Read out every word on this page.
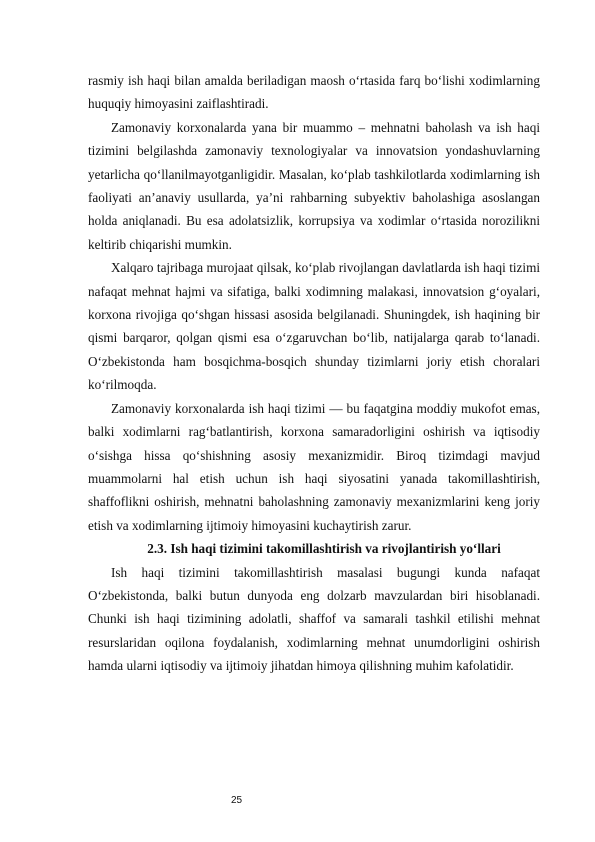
rasmiy ish haqi bilan amalda beriladigan maosh o‘rtasida farq bo‘lishi xodimlarning huquqiy himoyasini zaiflashtiradi.

Zamonaviy korxonalarda yana bir muammo – mehnatni baholash va ish haqi tizimini belgilashda zamonaviy texnologiyalar va innovatsion yondashuvlarning yetarlicha qo‘llanilmayotganligidir. Masalan, ko‘plab tashkilotlarda xodimlarning ish faoliyati an’anaviy usullarda, ya’ni rahbarning subyektiv baholashiga asoslangan holda aniqlanadi. Bu esa adolatsizlik, korrupsiya va xodimlar o‘rtasida norozilikni keltirib chiqarishi mumkin.

Xalqaro tajribaga murojaat qilsak, ko‘plab rivojlangan davlatlarda ish haqi tizimi nafaqat mehnat hajmi va sifatiga, balki xodimning malakasi, innovatsion g‘oyalari, korxona rivojiga qo‘shgan hissasi asosida belgilanadi. Shuningdek, ish haqining bir qismi barqaror, qolgan qismi esa o‘zgaruvchan bo‘lib, natijalarga qarab to‘lanadi. O‘zbekistonda ham bosqichma-bosqich shunday tizimlarni joriy etish choralari ko‘rilmoqda.

Zamonaviy korxonalarda ish haqi tizimi — bu faqatgina moddiy mukofot emas, balki xodimlarni rag‘batlantirish, korxona samaradorligini oshirish va iqtisodiy o‘sishga hissa qo‘shishning asosiy mexanizmidir. Biroq tizimdagi mavjud muammolarni hal etish uchun ish haqi siyosatini yanada takomillashtirish, shaffoflikni oshirish, mehnatni baholashning zamonaviy mexanizmlarini keng joriy etish va xodimlarning ijtimoiy himoyasini kuchaytirish zarur.

2.3. Ish haqi tizimini takomillashtirish va rivojlantirish yo‘llari

Ish haqi tizimini takomillashtirish masalasi bugungi kunda nafaqat O‘zbekistonda, balki butun dunyoda eng dolzarb mavzulardan biri hisoblanadi. Chunki ish haqi tizimining adolatli, shaffof va samarali tashkil etilishi mehnat resurslaridan oqilona foydalanish, xodimlarning mehnat unumdorligini oshirish hamda ularni iqtisodiy va ijtimoiy jihatdan himoya qilishning muhim kafolatidir.

25
